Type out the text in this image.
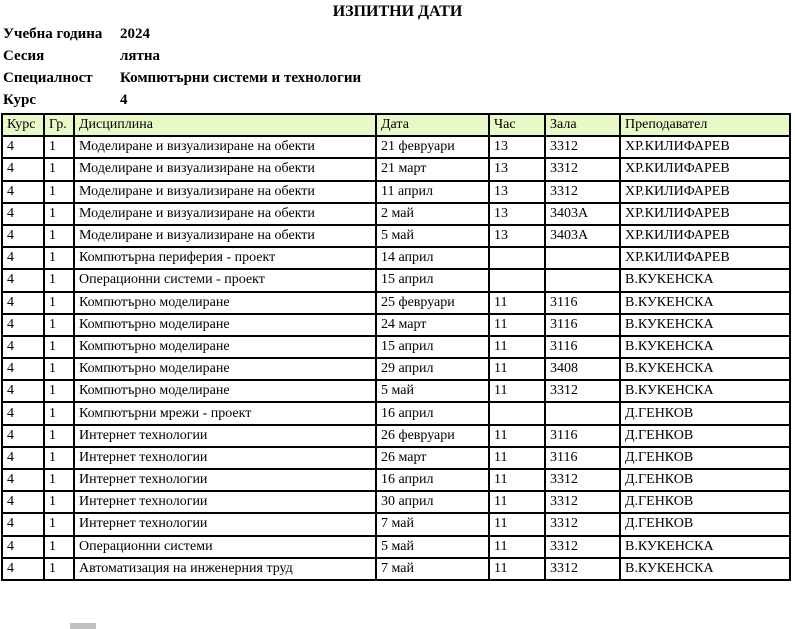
ИЗПИТНИ ДАТИ
Учебна година	2024
Сесия	лятна
Специалност	Компютърни системи и технологии
Курс	4
Курс	Гр.	Дисциплина	Дата	Час	Зала	Преподавател
4	1	Моделиране и визуализиране на обекти	21 февруари	13	3312	ХР.КИЛИФАРЕВ
4	1	Моделиране и визуализиране на обекти	21 март	13	3312	ХР.КИЛИФАРЕВ
4	1	Моделиране и визуализиране на обекти	11 април	13	3312	ХР.КИЛИФАРЕВ
4	1	Моделиране и визуализиране на обекти	2 май	13	3403А	ХР.КИЛИФАРЕВ
4	1	Моделиране и визуализиране на обекти	5 май	13	3403А	ХР.КИЛИФАРЕВ
4	1	Компютърна периферия - проект	14 април			ХР.КИЛИФАРЕВ
4	1	Операционни системи - проект	15 април			В.КУКЕНСКА
4	1	Компютърно моделиране	25 февруари	11	3116	В.КУКЕНСКА
4	1	Компютърно моделиране	24 март	11	3116	В.КУКЕНСКА
4	1	Компютърно моделиране	15 април	11	3116	В.КУКЕНСКА
4	1	Компютърно моделиране	29 април	11	3408	В.КУКЕНСКА
4	1	Компютърно моделиране	5 май	11	3312	В.КУКЕНСКА
4	1	Компютърни мрежи - проект	16 април			Д.ГЕНКОВ
4	1	Интернет технологии	26 февруари	11	3116	Д.ГЕНКОВ
4	1	Интернет технологии	26 март	11	3116	Д.ГЕНКОВ
4	1	Интернет технологии	16 април	11	3312	Д.ГЕНКОВ
4	1	Интернет технологии	30 април	11	3312	Д.ГЕНКОВ
4	1	Интернет технологии	7 май	11	3312	Д.ГЕНКОВ
4	1	Операционни системи	5 май	11	3312	В.КУКЕНСКА
4	1	Автоматизация на инженерния труд	7 май	11	3312	В.КУКЕНСКА
